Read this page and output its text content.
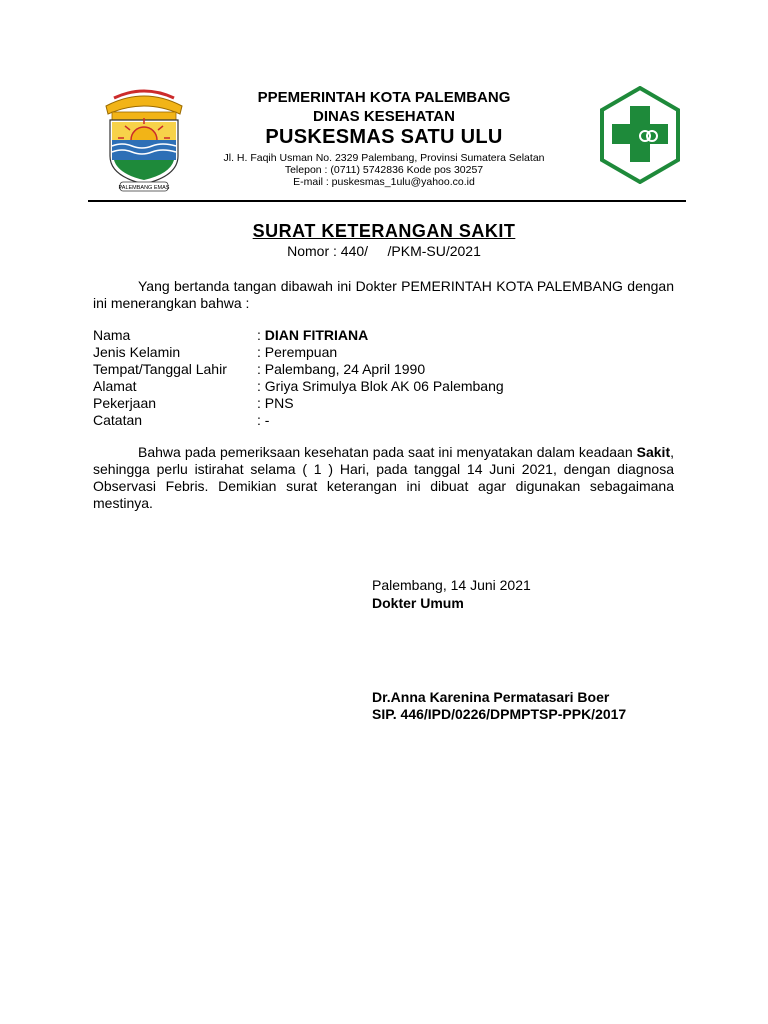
PALEMBANG EMAS
PPEMERINTAH KOTA PALEMBANG
DINAS KESEHATAN
PUSKESMAS SATU ULU
Jl. H. Faqih Usman No. 2329 Palembang, Provinsi Sumatera Selatan
Telepon : (0711) 5742836 Kode pos 30257
E-mail : puskesmas_1ulu@yahoo.co.id
SURAT KETERANGAN SAKIT
Nomor : 440/     /PKM-SU/2021
Yang bertanda tangan dibawah ini Dokter PEMERINTAH KOTA PALEMBANG dengan ini menerangkan bahwa :
Nama	: DIAN FITRIANA
Jenis Kelamin	: Perempuan
Tempat/Tanggal Lahir : Palembang, 24 April 1990
Alamat	: Griya Srimulya Blok AK 06 Palembang
Pekerjaan	: PNS
Catatan	: -
Bahwa pada pemeriksaan kesehatan pada saat ini menyatakan dalam keadaan Sakit, sehingga perlu istirahat selama ( 1 ) Hari, pada tanggal 14 Juni 2021, dengan diagnosa Observasi Febris. Demikian surat keterangan ini dibuat agar digunakan sebagaimana mestinya.
Palembang, 14 Juni 2021
Dokter Umum
Dr.Anna Karenina Permatasari Boer
SIP. 446/IPD/0226/DPMPTSP-PPK/2017
